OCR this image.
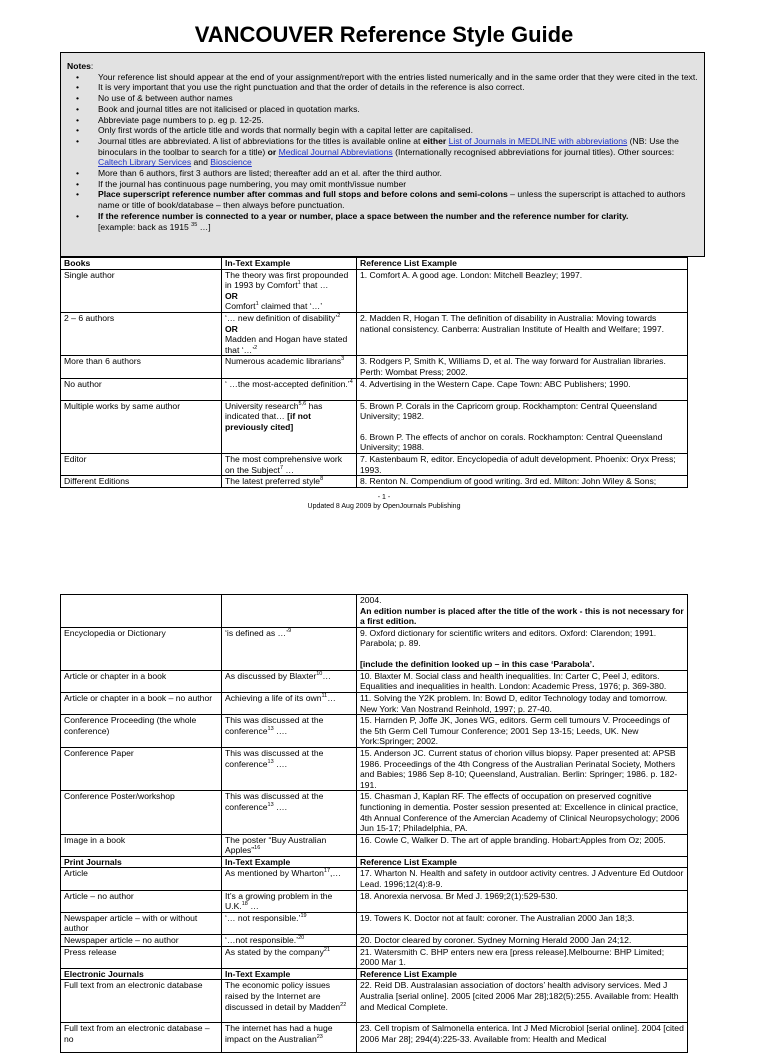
VANCOUVER Reference Style Guide
Notes:
• Your reference list should appear at the end of your assignment/report with the entries listed numerically and in the same order that they were cited in the text.
• It is very important that you use the right punctuation and that the order of details in the reference is also correct.
• No use of & between author names
• Book and journal titles are not italicised or placed in quotation marks.
• Abbreviate page numbers to p. eg p. 12-25.
• Only first words of the article title and words that normally begin with a capital letter are capitalised.
• Journal titles are abbreviated. A list of abbreviations for the titles is available online at either List of Journals in MEDLINE with abbreviations (NB: Use the binoculars in the toolbar to search for a title) or Medical Journal Abbreviations (Internationally recognised abbreviations for journal titles). Other sources: Caltech Library Services and Bioscience
• More than 6 authors, first 3 authors are listed; thereafter add an et al. after the third author.
• If the journal has continuous page numbering, you may omit month/issue number
• Place superscript reference number after commas and full stops and before colons and semi-colons – unless the superscript is attached to authors name or title of book/database – then always before punctuation.
• If the reference number is connected to a year or number, place a space between the number and the reference number for clarity.
[example: back as 1915 $^{35}$ …]
Books	In-Text Example	Reference List Example
Single author	The theory was first propounded in 1993 by Comfort$^1$ that …
OR
Comfort$^1$ claimed that ‘…’	1. Comfort A. A good age. London: Mitchell Beazley; 1997.
2 – 6 authors	‘… new definition of disability’$^2$
OR
Madden and Hogan have stated that ‘…’$^2$	2. Madden R, Hogan T. The definition of disability in Australia: Moving towards national consistency. Canberra: Australian Institute of Health and Welfare; 1997.
More than 6 authors	Numerous academic librarians$^3$	3. Rodgers P, Smith K, Williams D, et al. The way forward for Australian libraries. Perth: Wombat Press; 2002.
No author	‘ …the most-accepted definition.’$^4$	4. Advertising in the Western Cape. Cape Town: ABC Publishers; 1990.
Multiple works by same author	University research$^{5,6}$ has indicated that… [if not previously cited]	5. Brown P. Corals in the Capricorn group. Rockhampton: Central Queensland University; 1982.
6. Brown P. The effects of anchor on corals. Rockhampton: Central Queensland University; 1988.

Editor	The most comprehensive work on the Subject$^7$ …	7. Kastenbaum R, editor. Encyclopedia of adult development. Phoenix: Oryx Press; 1993.
Different Editions	The latest preferred style$^8$	8. Renton N. Compendium of good writing. 3rd ed. Milton: John Wiley & Sons;
- 1 -
Updated 8 Aug 2009 by OpenJournals Publishing

		2004.
An edition number is placed after the title of the work - this is not necessary for a first edition.

Encyclopedia or Dictionary	‘is defined as …’$^9$	9. Oxford dictionary for scientific writers and editors. Oxford: Clarendon; 1991. Parabola; p. 89.
[include the definition looked up – in this case ‘Parabola’.

Article or chapter in a book	As discussed by Blaxter$^{10}$…	10. Blaxter M. Social class and health inequalities. In: Carter C, Peel J, editors. Equalities and inequalities in health. London: Academic Press, 1976; p. 369-380.
Article or chapter in a book – no author	Achieving a life of its own$^{11}$…	11. Solving the Y2K problem. In: Bowd D, editor Technology today and tomorrow. New York: Van Nostrand Reinhold, 1997; p. 27-40.
Conference Proceeding (the whole conference)	This was discussed at the conference$^{13}$ ….	15. Harnden P, Joffe JK, Jones WG, editors. Germ cell tumours V. Proceedings of the 5th Germ Cell Tumour Conference; 2001 Sep 13-15; Leeds, UK. New York:Springer; 2002.
Conference Paper	This was discussed at the conference$^{13}$ ….	15. Anderson JC. Current status of chorion villus biopsy. Paper presented at: APSB 1986. Proceedings of the 4th Congress of the Australian Perinatal Society, Mothers and Babies; 1986 Sep 8-10; Queensland, Australian. Berlin: Springer; 1986. p. 182-191.
Conference Poster/workshop	This was discussed at the conference$^{13}$ ….	15. Chasman J, Kaplan RF. The effects of occupation on preserved cognitive functioning in dementia. Poster session presented at: Excellence in clinical practice, 4th Annual Conference of the Amercian Academy of Clinical Neuropsychology; 2006 Jun 15-17; Philadelphia, PA.
Image in a book	The poster “Buy Australian Apples”$^{16}$	16. Cowle C, Walker D. The art of apple branding. Hobart:Apples from Oz; 2005.
Print Journals	In-Text Example	Reference List Example
Article	As mentioned by Wharton$^{17}$,…	17. Wharton N. Health and safety in outdoor activity centres. J Adventure Ed Outdoor Lead. 1996;12(4):8-9.
Article – no author	It’s a growing problem in the U.K.$^{18}$ …	18. Anorexia nervosa. Br Med J. 1969;2(1):529-530.
Newspaper article – with or without author	‘… not responsible.’$^{19}$	19. Towers K. Doctor not at fault: coroner. The Australian 2000 Jan 18;3.
Newspaper article – no author	‘…not responsible.’$^{20}$	20. Doctor cleared by coroner. Sydney Morning Herald 2000 Jan 24;12.
Press release	As stated by the company$^{21}$	21. Watersmith C. BHP enters new era [press release].Melbourne: BHP Limited; 2000 Mar 1.
Electronic Journals	In-Text Example	Reference List Example
Full text from an electronic database	The economic policy issues raised by the Internet are discussed in detail by Madden$^{22}$	22. Reid DB. Australasian association of doctors’ health advisory services. Med J Australia [serial online]. 2005 [cited 2006 Mar 28];182(5):255. Available from: Health and Medical Complete.
Full text from an electronic database – no	The internet has had a huge impact on the Australian$^{23}$	23. Cell tropism of Salmonella enterica. Int J Med Microbiol [serial online]. 2004 [cited 2006 Mar 28]; 294(4):225-33. Available from: Health and Medical
